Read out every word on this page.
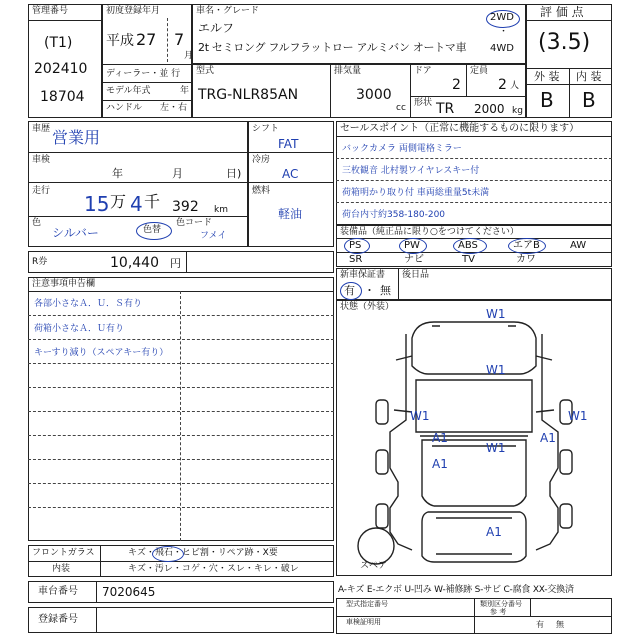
管理番号
(T1)
202410
18704
初度登録年月
平成 27 7
月
ディーラー・並 行
モデル年式	年
ハンドル 左・右
車名・グレード
エルフ
2t セミロング フルフラットロー アルミバン オートマ車
2WD
・
4WD
型式
TRG-NLR85AN
排気量
3000
cc
ドア
2
定員
2 人
形状 TR 2000 kg
評 価 点
(3.5)
外 装 内 装
B B
車歴 営業用
車検
年	月	日)
走行
15 万 4 千 392 km
色
シルバー	色替
色コード
フメイ
シフト
FAT
冷房
AC
燃料
軽油
セールスポイント（正常に機能するものに限ります）
バックカメラ 両側電格ミラー
三枚観音 北村製ワイヤレスキー付
荷箱明かり取り付 車両総重量5t未満
荷台内寸約358-180-200
装備品（純正品に限り○をつけてください）
PS	PW	ABS	エアB	AW
SR	ナビ	TV	カワ
R券	10,440 円
注意事項申告欄
各部小さなＡ．Ｕ．Ｓ有り
荷箱小さなＡ．Ｕ有り
キーすり減り（スペアキー有り）
新車保証書
有 ・ 無
後日品
状態（外装）	W1
W1
W1	W1
A1	A1
W1
A1
A1
スペア
フロントガラス	キズ・飛石・ヒビ割・リペア跡・X要
内装	キズ・汚レ・コゲ・穴・スレ・キレ・破レ
車台番号 7020645
登録番号
A-キズ E-エクボ U-凹み W-補修跡 S-サビ C-腐食 XX-交換済
型式指定番号	類別区分番号
参 考
車検証明用	有 無
